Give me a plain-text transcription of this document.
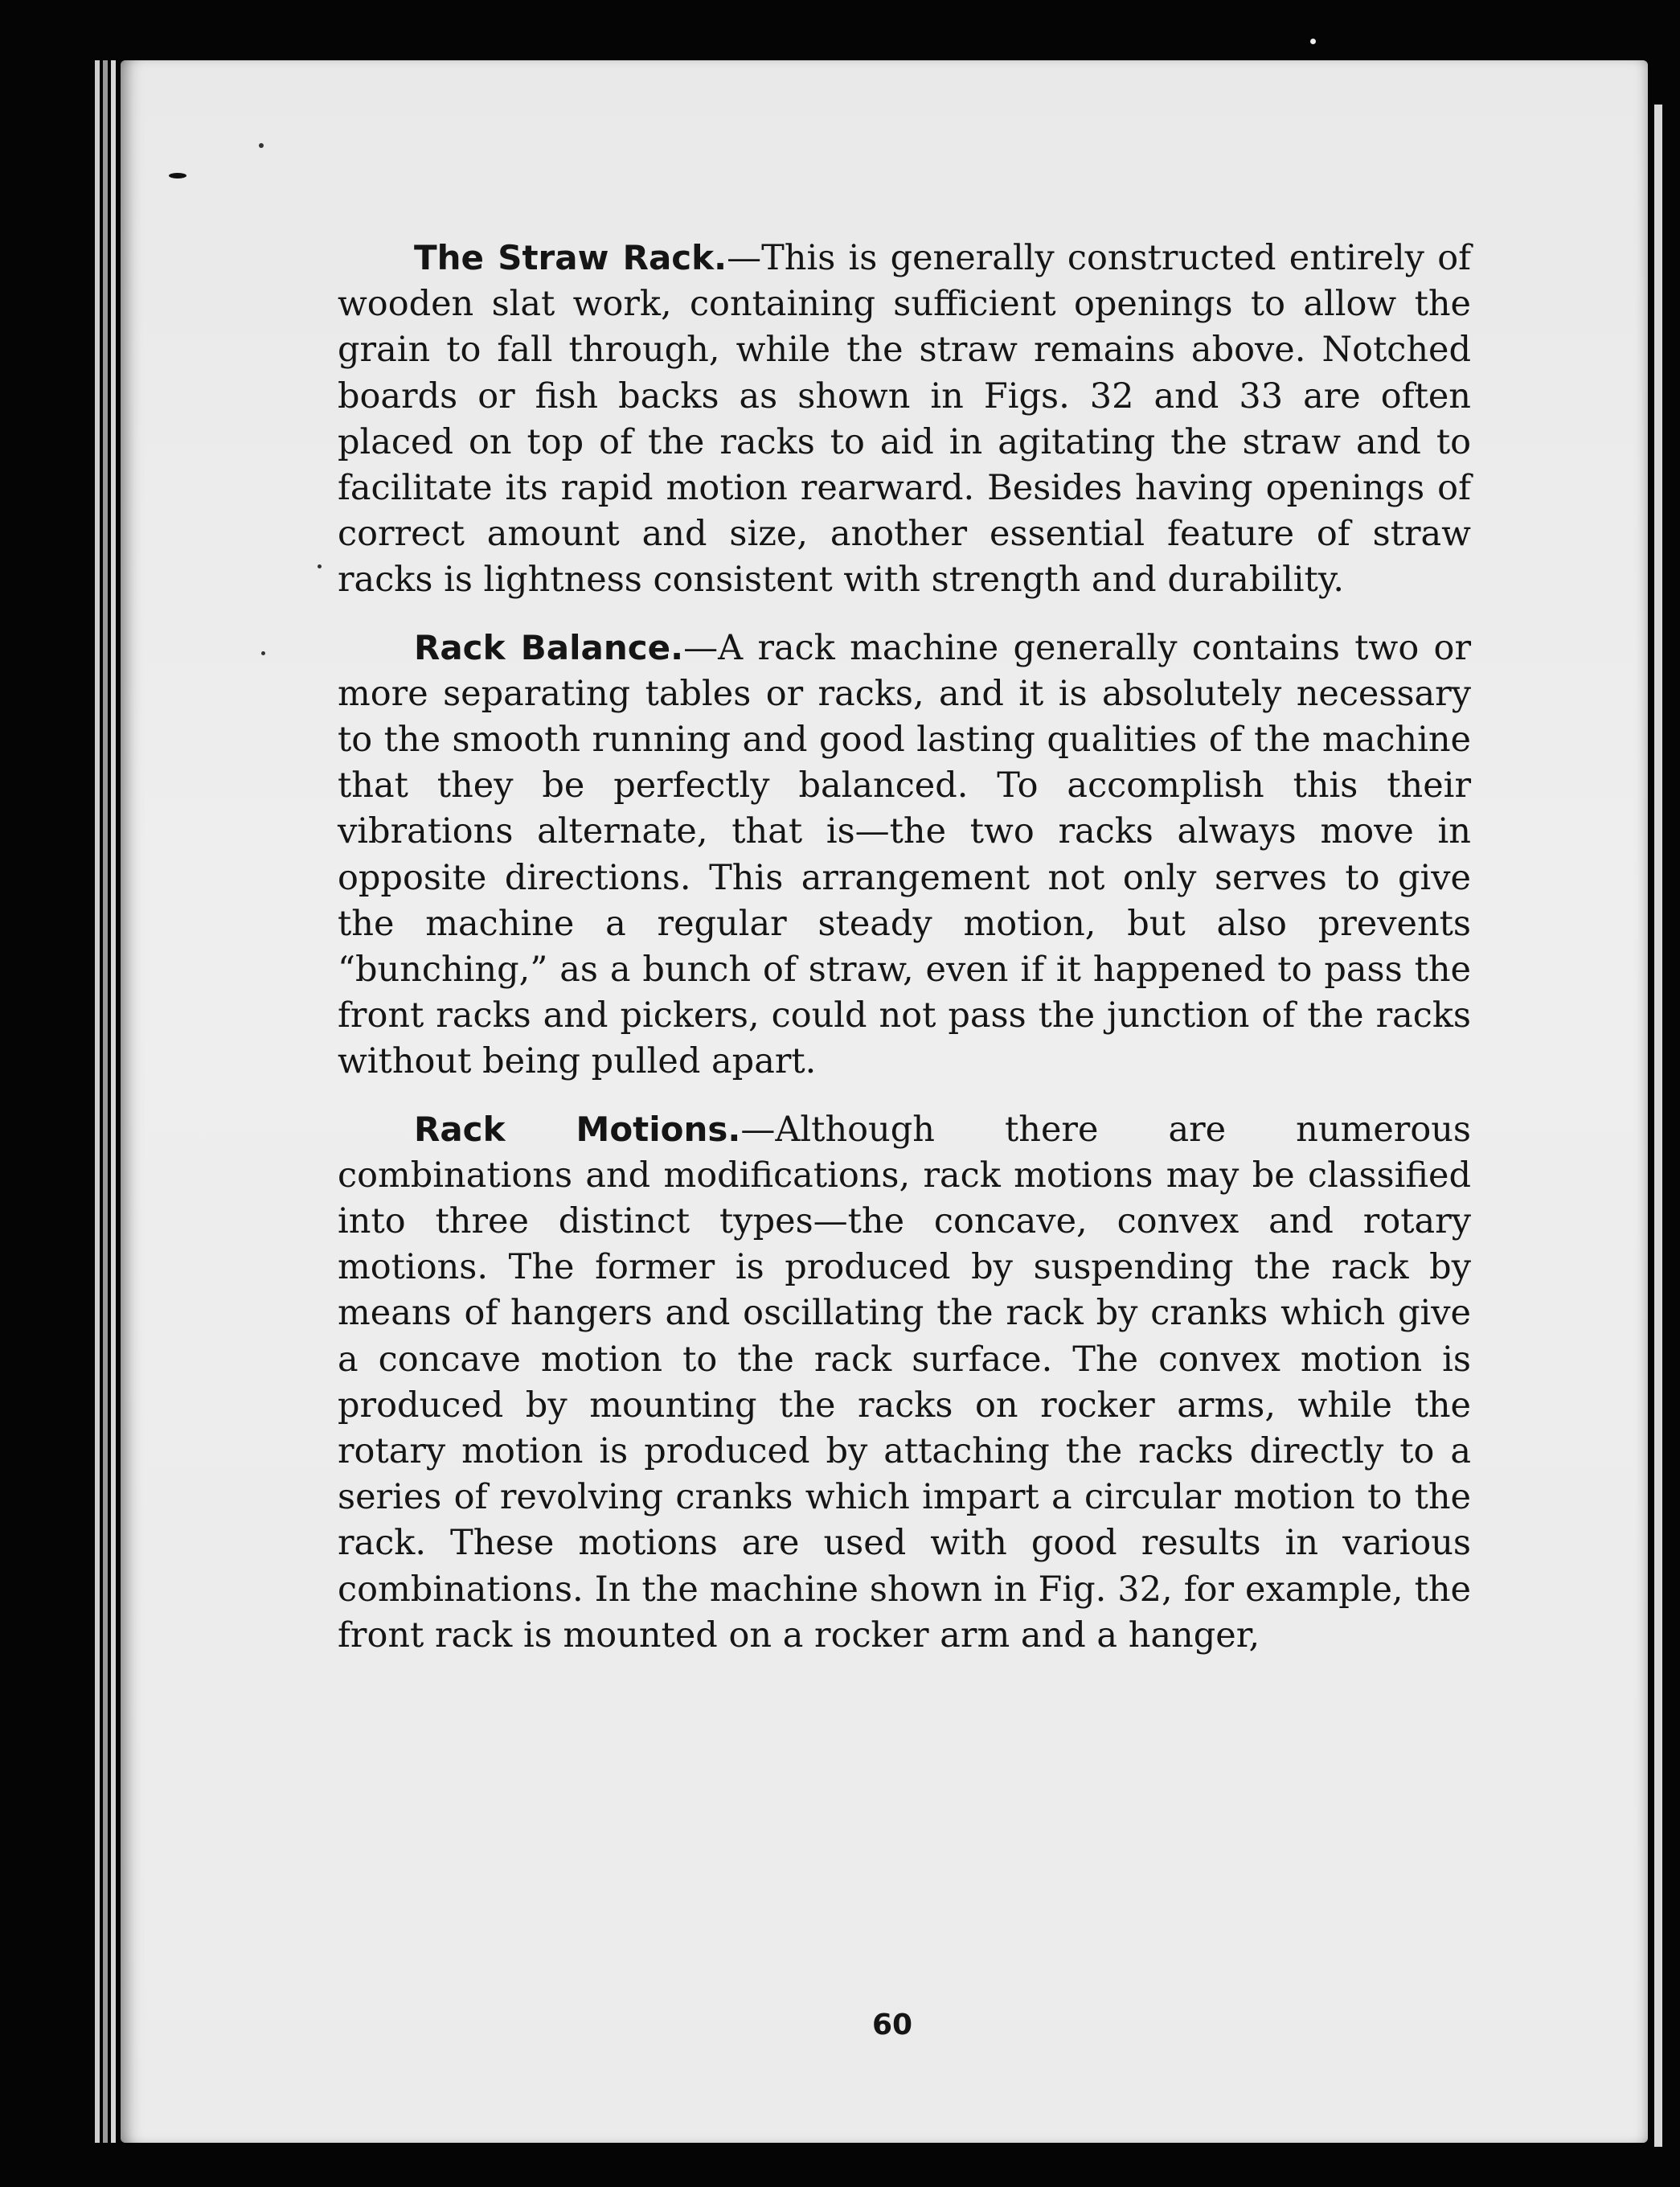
The Straw Rack.—This is generally constructed entirely of wooden slat work, containing sufficient openings to allow the grain to fall through, while the straw remains above. Notched boards or fish backs as shown in Figs. 32 and 33 are often placed on top of the racks to aid in agitating the straw and to facilitate its rapid motion rearward. Besides having openings of correct amount and size, another essential feature of straw racks is lightness consistent with strength and durability.

Rack Balance.—A rack machine generally contains two or more separating tables or racks, and it is absolutely necessary to the smooth running and good lasting qualities of the machine that they be perfectly balanced. To accomplish this their vibrations alternate, that is—the two racks always move in opposite directions. This arrangement not only serves to give the machine a regular steady motion, but also prevents “bunching,” as a bunch of straw, even if it happened to pass the front racks and pickers, could not pass the junction of the racks without being pulled apart.

Rack Motions.—Although there are numerous combinations and modifications, rack motions may be classified into three distinct types—the concave, convex and rotary motions. The former is produced by suspending the rack by means of hangers and oscillating the rack by cranks which give a concave motion to the rack surface. The convex motion is produced by mounting the racks on rocker arms, while the rotary motion is produced by attaching the racks directly to a series of revolving cranks which impart a circular motion to the rack. These motions are used with good results in various combinations. In the machine shown in Fig. 32, for example, the front rack is mounted on a rocker arm and a hanger,

60
